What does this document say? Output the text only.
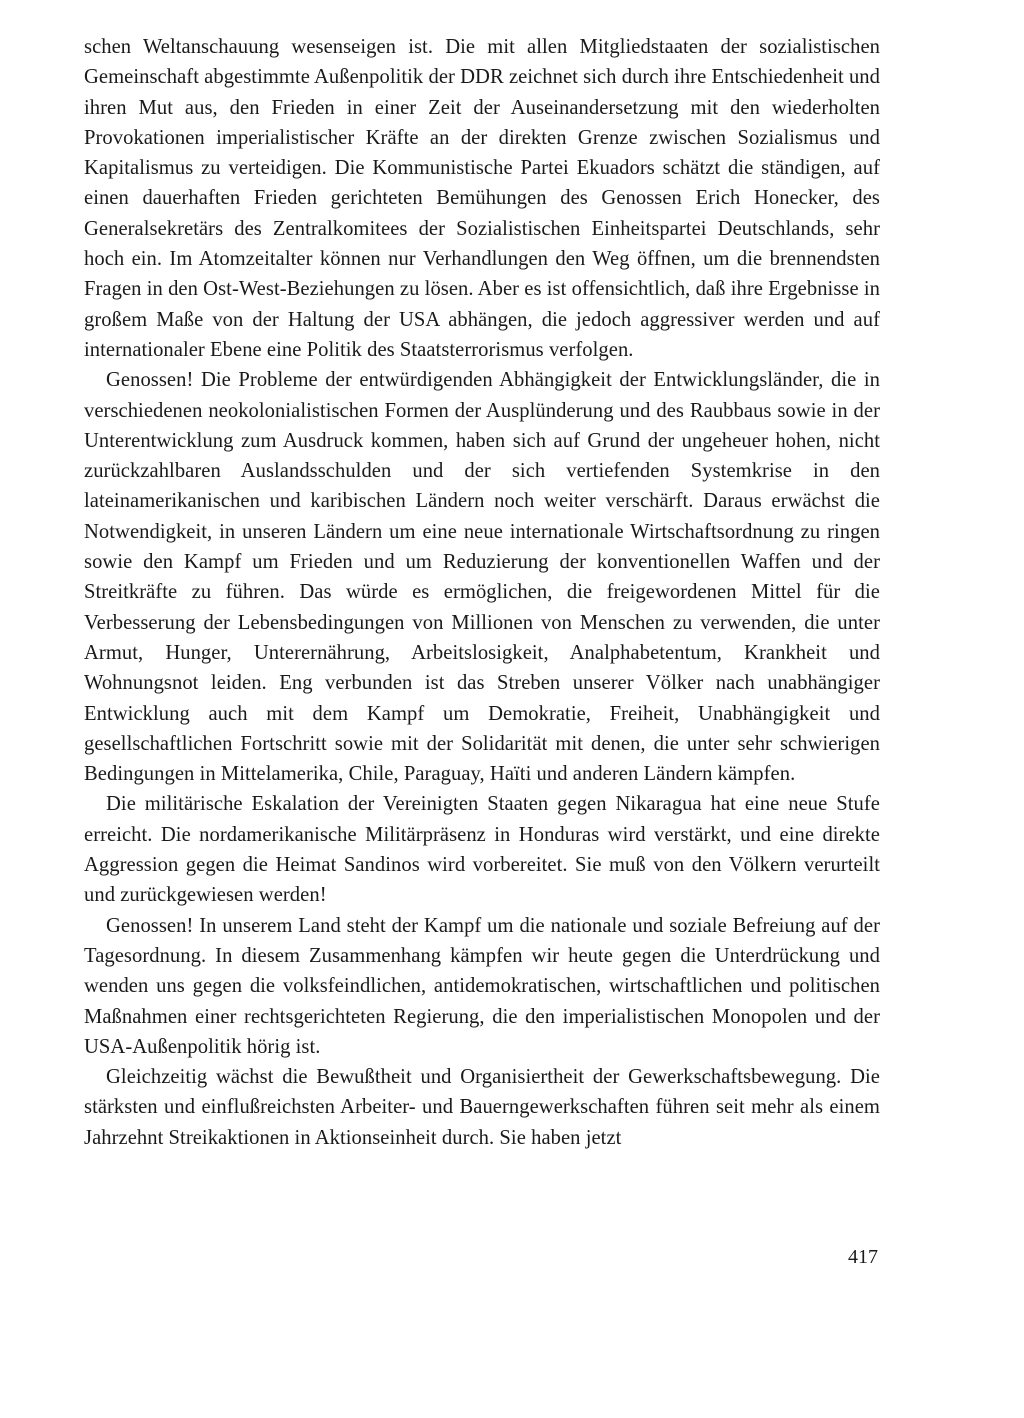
schen Weltanschauung wesenseigen ist. Die mit allen Mitgliedstaaten der sozialistischen Gemeinschaft abgestimmte Außenpolitik der DDR zeichnet sich durch ihre Entschiedenheit und ihren Mut aus, den Frieden in einer Zeit der Auseinandersetzung mit den wiederholten Provokationen imperialistischer Kräfte an der direkten Grenze zwischen Sozialismus und Kapitalismus zu verteidigen. Die Kommunistische Partei Ekuadors schätzt die ständigen, auf einen dauerhaften Frieden gerichteten Bemühungen des Genossen Erich Honecker, des Generalsekretärs des Zentralkomitees der Sozialistischen Einheitspartei Deutschlands, sehr hoch ein. Im Atomzeitalter können nur Verhandlungen den Weg öffnen, um die brennendsten Fragen in den Ost-West-Beziehungen zu lösen. Aber es ist offensichtlich, daß ihre Ergebnisse in großem Maße von der Haltung der USA abhängen, die jedoch aggressiver werden und auf internationaler Ebene eine Politik des Staatsterrorismus verfolgen.

Genossen! Die Probleme der entwürdigenden Abhängigkeit der Entwicklungsländer, die in verschiedenen neokolonialistischen Formen der Ausplünderung und des Raubbaus sowie in der Unterentwicklung zum Ausdruck kommen, haben sich auf Grund der ungeheuer hohen, nicht zurückzahlbaren Auslandsschulden und der sich vertiefenden Systemkrise in den lateinamerikanischen und karibischen Ländern noch weiter verschärft. Daraus erwächst die Notwendigkeit, in unseren Ländern um eine neue internationale Wirtschaftsordnung zu ringen sowie den Kampf um Frieden und um Reduzierung der konventionellen Waffen und der Streitkräfte zu führen. Das würde es ermöglichen, die freigewordenen Mittel für die Verbesserung der Lebensbedingungen von Millionen von Menschen zu verwenden, die unter Armut, Hunger, Unterernährung, Arbeitslosigkeit, Analphabetentum, Krankheit und Wohnungsnot leiden. Eng verbunden ist das Streben unserer Völker nach unabhängiger Entwicklung auch mit dem Kampf um Demokratie, Freiheit, Unabhängigkeit und gesellschaftlichen Fortschritt sowie mit der Solidarität mit denen, die unter sehr schwierigen Bedingungen in Mittelamerika, Chile, Paraguay, Haïti und anderen Ländern kämpfen.

Die militärische Eskalation der Vereinigten Staaten gegen Nikaragua hat eine neue Stufe erreicht. Die nordamerikanische Militärpräsenz in Honduras wird verstärkt, und eine direkte Aggression gegen die Heimat Sandinos wird vorbereitet. Sie muß von den Völkern verurteilt und zurückgewiesen werden!

Genossen! In unserem Land steht der Kampf um die nationale und soziale Befreiung auf der Tagesordnung. In diesem Zusammenhang kämpfen wir heute gegen die Unterdrückung und wenden uns gegen die volksfeindlichen, antidemokratischen, wirtschaftlichen und politischen Maßnahmen einer rechtsgerichteten Regierung, die den imperialistischen Monopolen und der USA-Außenpolitik hörig ist.

Gleichzeitig wächst die Bewußtheit und Organisiertheit der Gewerkschaftsbewegung. Die stärksten und einflußreichsten Arbeiter- und Bauerngewerkschaften führen seit mehr als einem Jahrzehnt Streikaktionen in Aktionseinheit durch. Sie haben jetzt

417
